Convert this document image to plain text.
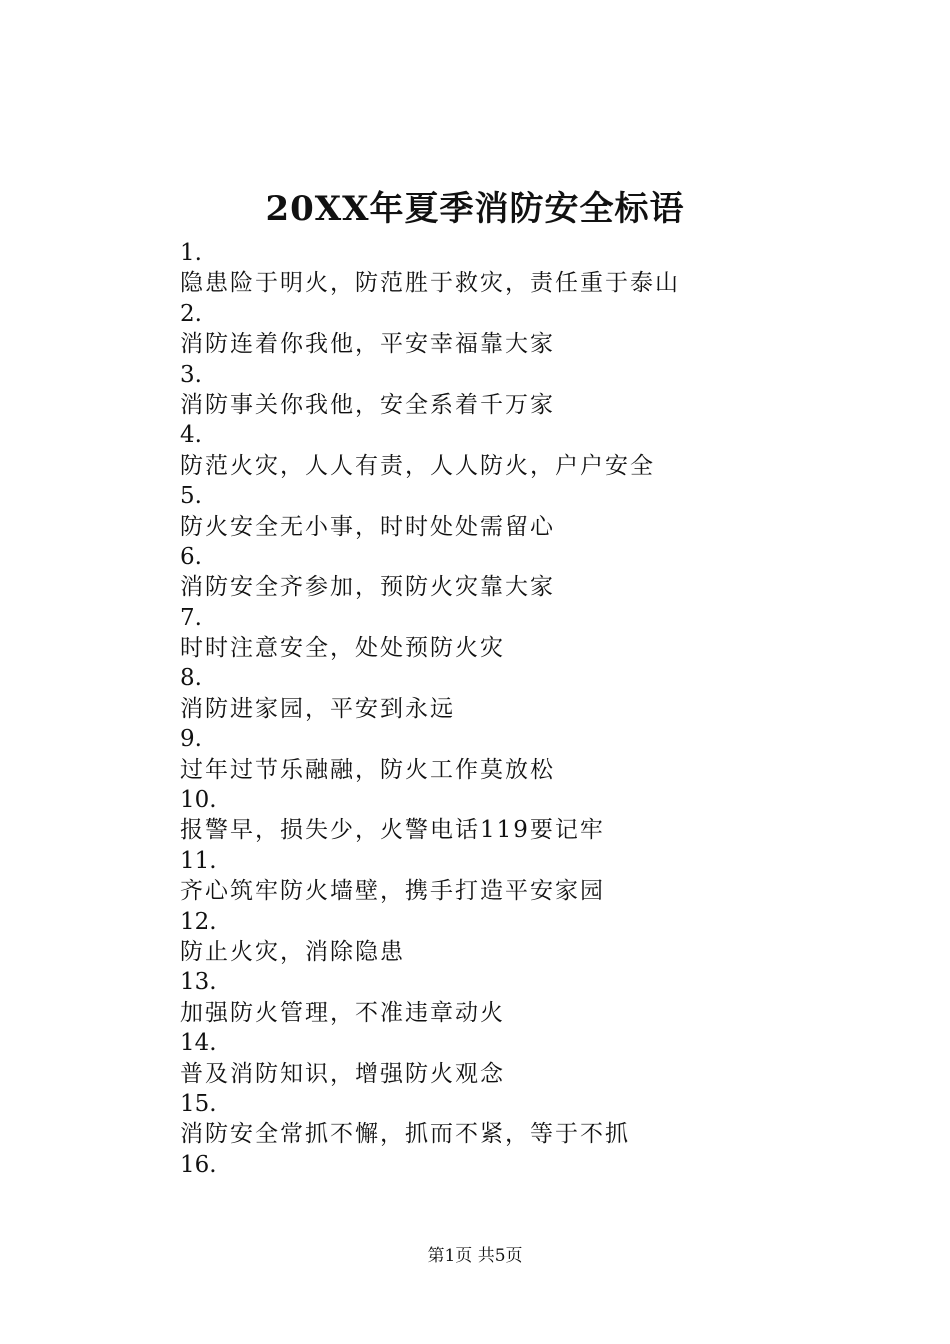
20XX年夏季消防安全标语
1.
隐患险于明火，防范胜于救灾，责任重于泰山
2.
消防连着你我他，平安幸福靠大家
3.
消防事关你我他，安全系着千万家
4.
防范火灾，人人有责，人人防火，户户安全
5.
防火安全无小事，时时处处需留心
6.
消防安全齐参加，预防火灾靠大家
7.
时时注意安全，处处预防火灾
8.
消防进家园，平安到永远
9.
过年过节乐融融，防火工作莫放松
10.
报警早，损失少，火警电话119要记牢
11.
齐心筑牢防火墙壁，携手打造平安家园
12.
防止火灾，消除隐患
13.
加强防火管理，不准违章动火
14.
普及消防知识，增强防火观念
15.
消防安全常抓不懈，抓而不紧，等于不抓
16.
第1页 共5页
